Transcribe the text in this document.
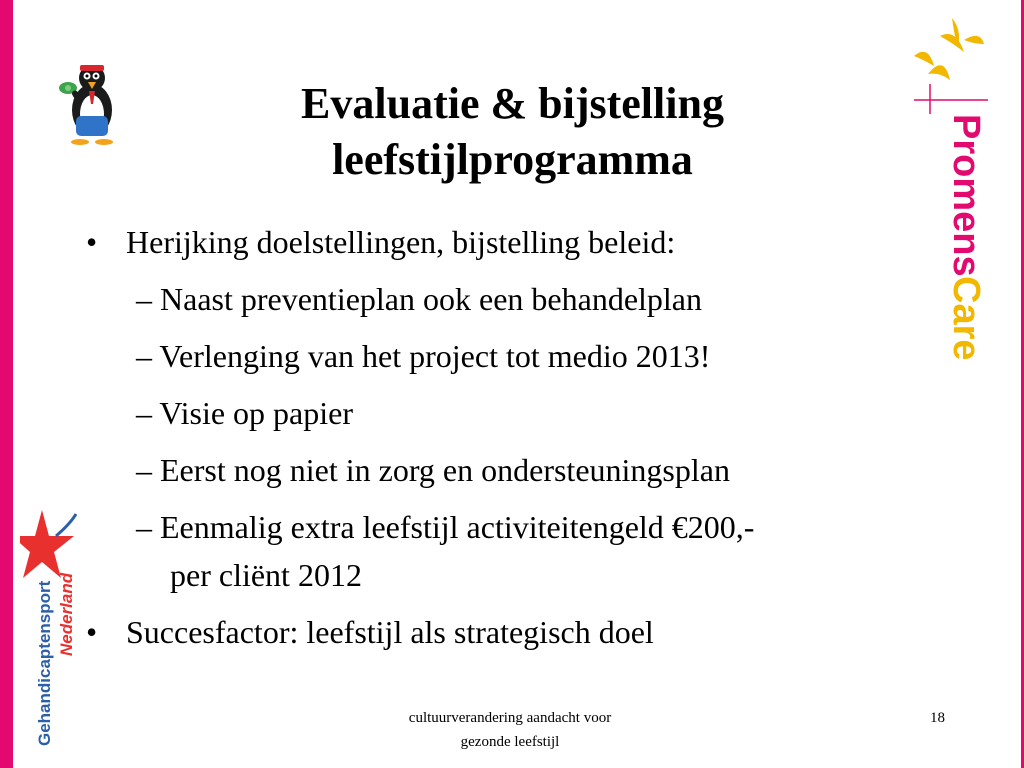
Evaluatie & bijstelling
leefstijlprogramma
• Herijking doelstellingen, bijstelling beleid:
– Naast preventieplan ook een behandelplan
– Verlenging van het project tot medio 2013!
– Visie op papier
– Eerst nog niet in zorg en ondersteuningsplan
– Eenmalig extra leefstijl activiteitengeld €200,-
per cliënt 2012
• Succesfactor: leefstijl als strategisch doel
Promens
Care
Gehandicaptensport Nederland
cultuurverandering aandacht voor
gezonde leefstijl
18
